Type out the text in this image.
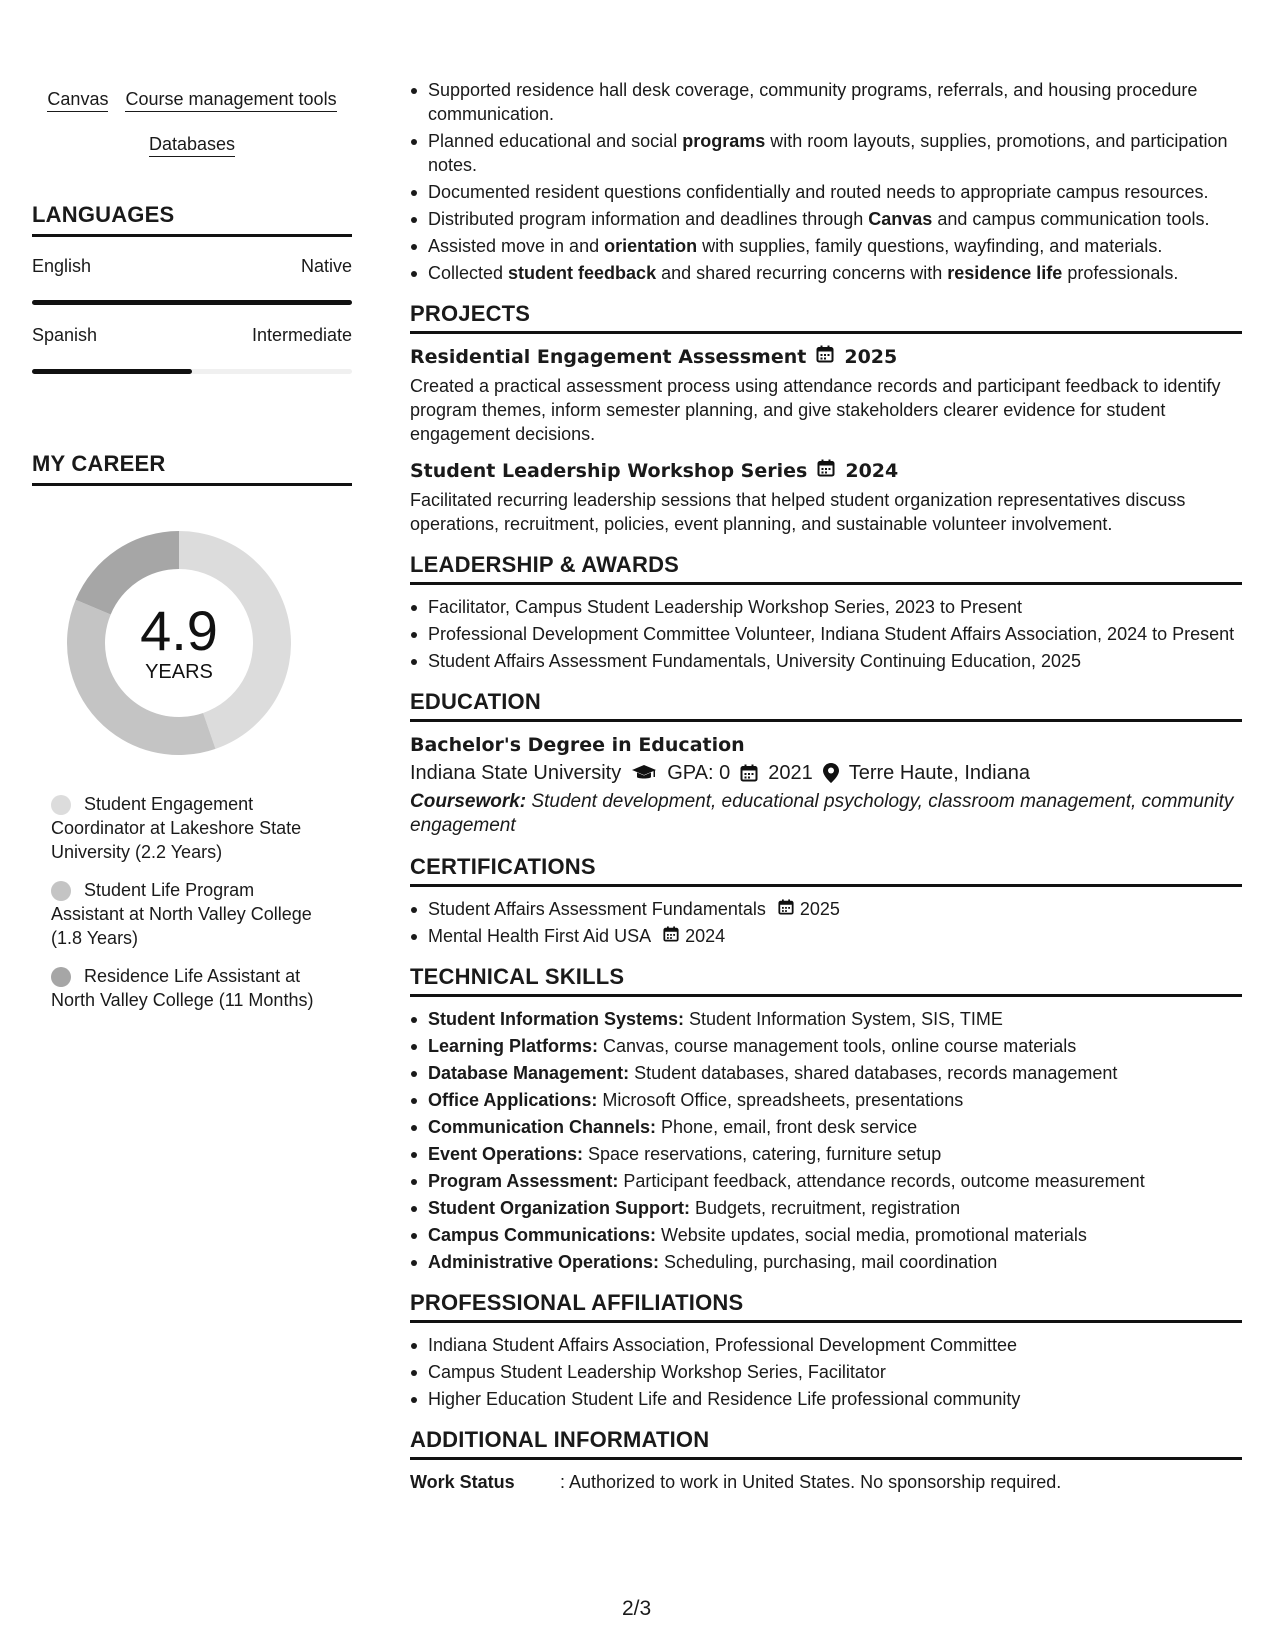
Canvas Course management tools
Databases
LANGUAGES
English	Native
Spanish	Intermediate
MY CAREER
4.9
YEARS
Student Engagement Coordinator at Lakeshore State University (2.2 Years)
Student Life Program Assistant at North Valley College (1.8 Years)
Residence Life Assistant at North Valley College (11 Months)
Supported residence hall desk coverage, community programs, referrals, and housing procedure communication.
Planned educational and social programs with room layouts, supplies, promotions, and participation notes.
Documented resident questions confidentially and routed needs to appropriate campus resources.
Distributed program information and deadlines through Canvas and campus communication tools.
Assisted move in and orientation with supplies, family questions, wayfinding, and materials.
Collected student feedback and shared recurring concerns with residence life professionals.
PROJECTS
Residential Engagement Assessment 2025
Created a practical assessment process using attendance records and participant feedback to identify program themes, inform semester planning, and give stakeholders clearer evidence for student engagement decisions.
Student Leadership Workshop Series 2024
Facilitated recurring leadership sessions that helped student organization representatives discuss operations, recruitment, policies, event planning, and sustainable volunteer involvement.
LEADERSHIP & AWARDS
Facilitator, Campus Student Leadership Workshop Series, 2023 to Present
Professional Development Committee Volunteer, Indiana Student Affairs Association, 2024 to Present
Student Affairs Assessment Fundamentals, University Continuing Education, 2025
EDUCATION
Bachelor's Degree in Education
Indiana State University GPA: 0 2021 Terre Haute, Indiana
Coursework: Student development, educational psychology, classroom management, community engagement
CERTIFICATIONS
Student Affairs Assessment Fundamentals 2025
Mental Health First Aid USA 2024
TECHNICAL SKILLS
Student Information Systems: Student Information System, SIS, TIME
Learning Platforms: Canvas, course management tools, online course materials
Database Management: Student databases, shared databases, records management
Office Applications: Microsoft Office, spreadsheets, presentations
Communication Channels: Phone, email, front desk service
Event Operations: Space reservations, catering, furniture setup
Program Assessment: Participant feedback, attendance records, outcome measurement
Student Organization Support: Budgets, recruitment, registration
Campus Communications: Website updates, social media, promotional materials
Administrative Operations: Scheduling, purchasing, mail coordination
PROFESSIONAL AFFILIATIONS
Indiana Student Affairs Association, Professional Development Committee
Campus Student Leadership Workshop Series, Facilitator
Higher Education Student Life and Residence Life professional community
ADDITIONAL INFORMATION
Work Status	: Authorized to work in United States. No sponsorship required.
2/3
